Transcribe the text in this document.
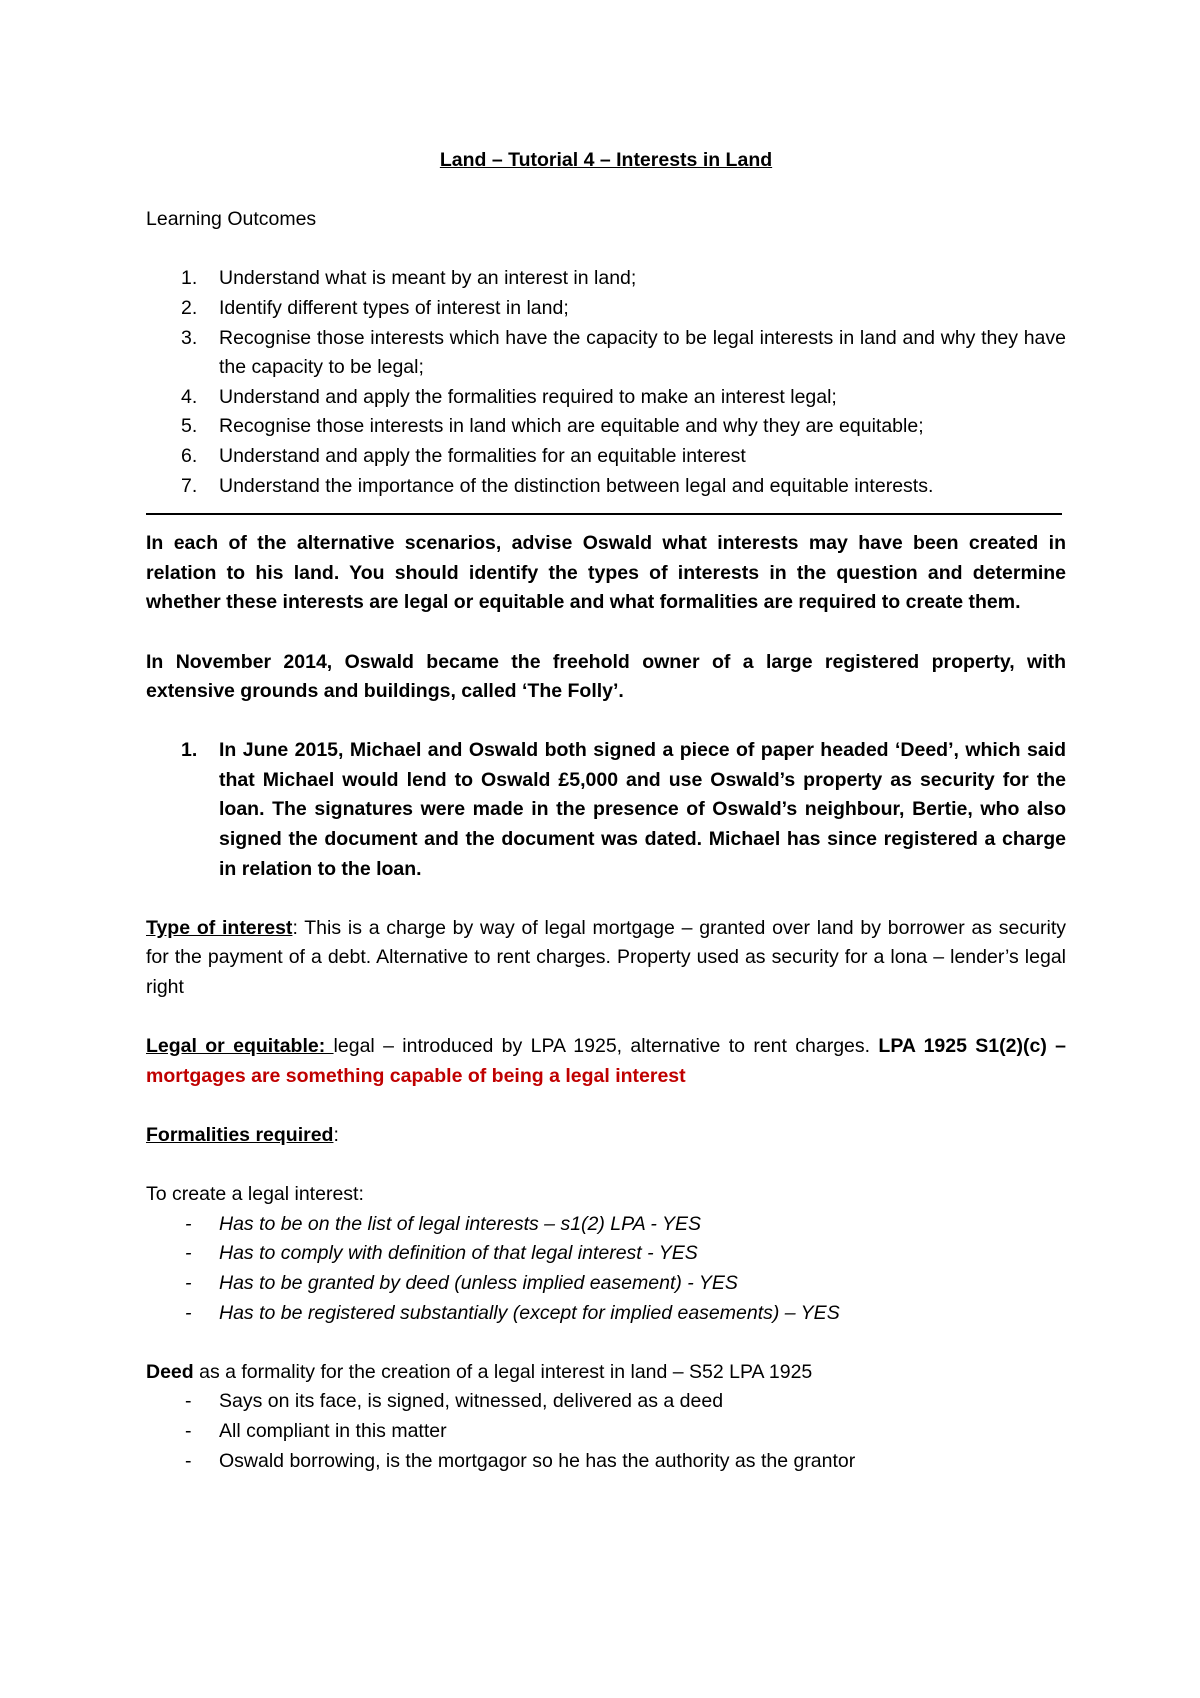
Land – Tutorial 4 – Interests in Land

Learning Outcomes

1. Understand what is meant by an interest in land;
2. Identify different types of interest in land;
3. Recognise those interests which have the capacity to be legal interests in land and why they have the capacity to be legal;
4. Understand and apply the formalities required to make an interest legal;
5. Recognise those interests in land which are equitable and why they are equitable;
6. Understand and apply the formalities for an equitable interest
7. Understand the importance of the distinction between legal and equitable interests.

In each of the alternative scenarios, advise Oswald what interests may have been created in relation to his land. You should identify the types of interests in the question and determine whether these interests are legal or equitable and what formalities are required to create them.

In November 2014, Oswald became the freehold owner of a large registered property, with extensive grounds and buildings, called ‘The Folly’.

1. In June 2015, Michael and Oswald both signed a piece of paper headed ‘Deed’, which said that Michael would lend to Oswald £5,000 and use Oswald’s property as security for the loan. The signatures were made in the presence of Oswald’s neighbour, Bertie, who also signed the document and the document was dated. Michael has since registered a charge in relation to the loan.

Type of interest: This is a charge by way of legal mortgage – granted over land by borrower as security for the payment of a debt. Alternative to rent charges. Property used as security for a lona – lender’s legal right

Legal or equitable: legal – introduced by LPA 1925, alternative to rent charges. LPA 1925 S1(2)(c) – mortgages are something capable of being a legal interest

Formalities required:

To create a legal interest:

- Has to be on the list of legal interests – s1(2) LPA - YES
- Has to comply with definition of that legal interest - YES
- Has to be granted by deed (unless implied easement) - YES
- Has to be registered substantially (except for implied easements) – YES

Deed as a formality for the creation of a legal interest in land – S52 LPA 1925

- Says on its face, is signed, witnessed, delivered as a deed
- All compliant in this matter
- Oswald borrowing, is the mortgagor so he has the authority as the grantor
